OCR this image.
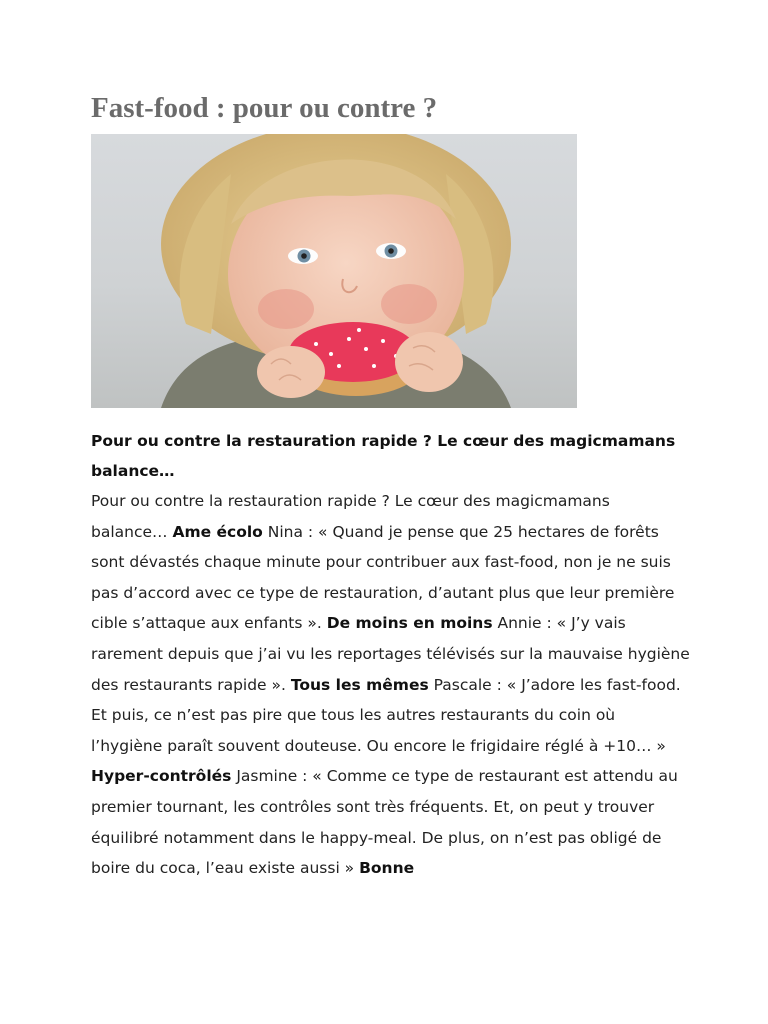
Fast-food : pour ou contre ?

Pour ou contre la restauration rapide ? Le cœur des magicmamans balance…

Pour ou contre la restauration rapide ? Le cœur des magicmamans balance… Ame écolo Nina : « Quand je pense que 25 hectares de forêts sont dévastés chaque minute pour contribuer aux fast-food, non je ne suis pas d’accord avec ce type de restauration, d’autant plus que leur première cible s’attaque aux enfants ». De moins en moins Annie : « J’y vais rarement depuis que j’ai vu les reportages télévisés sur la mauvaise hygiène des restaurants rapide ». Tous les mêmes Pascale : « J’adore les fast-food. Et puis, ce n’est pas pire que tous les autres restaurants du coin où l’hygiène paraît souvent douteuse. Ou encore le frigidaire réglé à +10… » Hyper-contrôlés Jasmine : « Comme ce type de restaurant est attendu au premier tournant, les contrôles sont très fréquents. Et, on peut y trouver équilibré notamment dans le happy-meal. De plus, on n’est pas obligé de boire du coca, l’eau existe aussi » Bonne
